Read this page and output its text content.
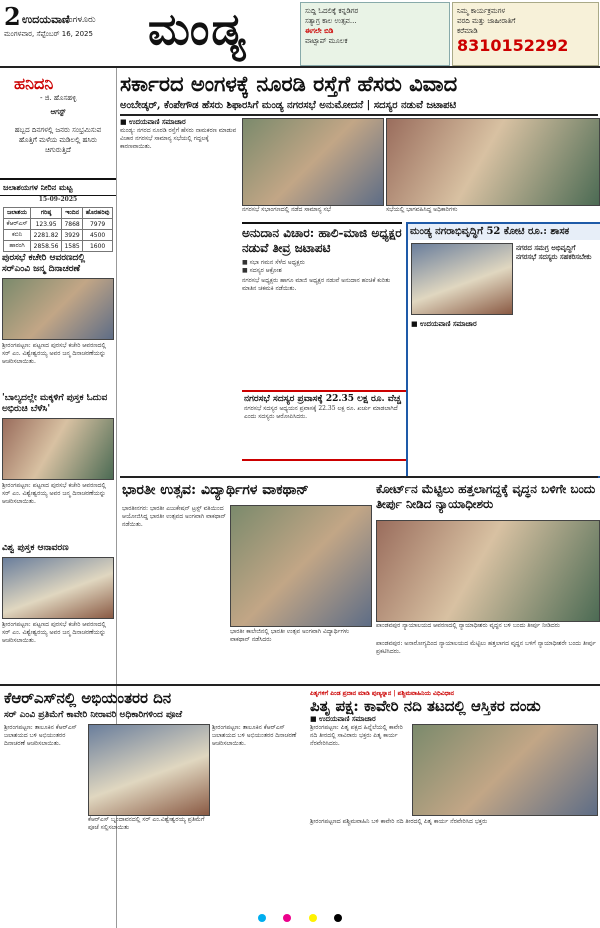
2 ಉದಯವಾಣಿ
ಬೆಂಗಳೂರು
ಮಂಗಳವಾರ, ಸೆಪ್ಟೆಂಬರ್ 16, 2025 ಮಂಡ್ಯ	ಸುದ್ದಿ ಓದಲಿಕ್ಕೆ ಕನ್ನಡಿಗರ
ಸತ್ಯಾಗ್ರ ಕಾಲ ಉತ್ಸವ...
ಈಗಲೇ ಬಿಡಿ
ವಾಟ್ಸಾಪ್ ಮೂಲಕ
ನಿಮ್ಮ ಕಾರ್ಯಕ್ರಮಗಳ
ವರದಿ ಮತ್ತು ಜಾಹೀರಾತಿಗೆ
ಕರೆಮಾಡಿ
8310152292
ಹನಿದನಿ
- ಜಿ. ಹೊಸಹಳ್ಳಿ
ಆಗಸ್ಟ್
ಹಬ್ಬದ ದಿನಗಳಲ್ಲಿ ಜನರು ಸಂಭ್ರಮಿಸುವ ಹೊತ್ತಿಗೆ ಮಳೆಯ ಮಡಿಲಲ್ಲಿ ಹಸಿರು ಚಿಗುರುತ್ತಿದೆ
ಜಲಾಶಯಗಳ ನೀರಿನ ಮಟ್ಟ
15-09-2025
ಜಲಾಶಯ	ಗರಿಷ್ಠ	ಇಂದಿನ	ಹೊರಹರಿವು
ಕೆಆರ್‌ಎಸ್	123.95	7868	7979
ಕಬಿನಿ	2281.82	3929	4500
ಹಾರಂಗಿ	2858.56	1585	1600
ಪುರಸಭೆ ಕಚೇರಿ ಆವರಣದಲ್ಲಿ ಸರ್‌ಎಂವಿ ಜನ್ಮ ದಿನಾಚರಣೆ
ಶ್ರೀರಂಗಪಟ್ಟಣ: ಪಟ್ಟಣದ ಪುರಸಭೆ ಕಚೇರಿ ಆವರಣದಲ್ಲಿ ಸರ್ ಎಂ. ವಿಶ್ವೇಶ್ವರಯ್ಯ ಅವರ ಜನ್ಮ ದಿನಾಚರಣೆಯನ್ನು ಆಚರಿಸಲಾಯಿತು.
'ಬಾಲ್ಯದಲ್ಲೇ ಮಕ್ಕಳಿಗೆ ಪುಸ್ತಕ ಓದುವ ಅಭಿರುಚಿ ಬೆಳೆಸಿ'
ಶ್ರೀರಂಗಪಟ್ಟಣ: ಪಟ್ಟಣದ ಪುರಸಭೆ ಕಚೇರಿ ಆವರಣದಲ್ಲಿ ಸರ್ ಎಂ. ವಿಶ್ವೇಶ್ವರಯ್ಯ ಅವರ ಜನ್ಮ ದಿನಾಚರಣೆಯನ್ನು ಆಚರಿಸಲಾಯಿತು.
ವಿಶ್ವ ಪುಸ್ತಕ ಆನಾವರಣ
ಶ್ರೀರಂಗಪಟ್ಟಣ: ಪಟ್ಟಣದ ಪುರಸಭೆ ಕಚೇರಿ ಆವರಣದಲ್ಲಿ ಸರ್ ಎಂ. ವಿಶ್ವೇಶ್ವರಯ್ಯ ಅವರ ಜನ್ಮ ದಿನಾಚರಣೆಯನ್ನು ಆಚರಿಸಲಾಯಿತು.
ಸರ್ಕಾರದ ಅಂಗಳಕ್ಕೆ ನೂರಡಿ ರಸ್ತೆಗೆ ಹೆಸರು ವಿವಾದ
ಅಂಬೇಡ್ಕರ್, ಕೆಂಪೇಗೌಡ ಹೆಸರು ಶಿಫಾರಸಿಗೆ ಮಂಡ್ಯ ನಗರಸಭೆ ಅನುಮೋದನೆ | ಸದಸ್ಯರ ನಡುವೆ ಜಟಾಪಟಿ
■ ಉದಯವಾಣಿ ಸಮಾಚಾರ
ಮಂಡ್ಯ: ನಗರದ ನೂರಡಿ ರಸ್ತೆಗೆ ಹೆಸರು ನಾಮಕರಣ ಮಾಡುವ ವಿಚಾರ ನಗರಸಭೆ ಸಾಮಾನ್ಯ ಸಭೆಯಲ್ಲಿ ಗದ್ದಲಕ್ಕೆ ಕಾರಣವಾಯಿತು.
ನಗರಸಭೆ ಸಭಾಂಗಣದಲ್ಲಿ ನಡೆದ ಸಾಮಾನ್ಯ ಸಭೆ	ಸಭೆಯಲ್ಲಿ ಭಾಗವಹಿಸಿದ್ದ ಅಧಿಕಾರಿಗಳು
ಅನುದಾನ ವಿಚಾರ: ಹಾಲಿ-ಮಾಜಿ ಅಧ್ಯಕ್ಷರ ನಡುವೆ ತೀವ್ರ ಜಟಾಪಟಿ
■ ಸಭಾ ಗಮನ ಸೆಳೆದ ಅಧ್ಯಕ್ಷರು
■ ಸದಸ್ಯರ ಆಕ್ರೋಶ
ನಗರಸಭೆ ಅಧ್ಯಕ್ಷರು ಹಾಗೂ ಮಾಜಿ ಅಧ್ಯಕ್ಷರ ನಡುವೆ ಅನುದಾನ ಹಂಚಿಕೆ ಕುರಿತು ಮಾತಿನ ಚಕಮಕಿ ನಡೆಯಿತು.
ನಗರಸಭೆ ಸದಸ್ಯರ ಪ್ರವಾಸಕ್ಕೆ 22.35 ಲಕ್ಷ ರೂ. ವೆಚ್ಚ
ನಗರಸಭೆ ಸದಸ್ಯರ ಅಧ್ಯಯನ ಪ್ರವಾಸಕ್ಕೆ 22.35 ಲಕ್ಷ ರೂ. ಖರ್ಚು ಮಾಡಲಾಗಿದೆ ಎಂದು ಸದಸ್ಯರು ಆರೋಪಿಸಿದರು.
ಮಂಡ್ಯ ನಗರಾಭಿವೃದ್ಧಿಗೆ 52 ಕೋಟಿ ರೂ.: ಶಾಸಕ
ನಗರದ ಸಮಗ್ರ ಅಭಿವೃದ್ಧಿಗೆ ನಗರಸಭೆ ಸದಸ್ಯರು ಸಹಕರಿಸಬೇಕು
■ ಉದಯವಾಣಿ ಸಮಾಚಾರ
ಭಾರತೀ ಉತ್ಸವ: ವಿದ್ಯಾರ್ಥಿಗಳ ವಾಕಥಾನ್
ಭಾರತೀನಗರ: ಭಾರತೀ ಎಜುಕೇಷನ್ ಟ್ರಸ್ಟ್ ವತಿಯಿಂದ ಆಯೋಜಿಸಿದ್ದ ಭಾರತೀ ಉತ್ಸವದ ಅಂಗವಾಗಿ ವಾಕಥಾನ್ ನಡೆಯಿತು.
ಭಾರತೀ ಕಾಲೇಜಿನಲ್ಲಿ ಭಾರತೀ ಉತ್ಸವ ಅಂಗವಾಗಿ ವಿದ್ಯಾರ್ಥಿಗಳು ವಾಕಥಾನ್ ನಡೆಸಿದರು
ಕೋರ್ಟ್‌ನ ಮೆಟ್ಟಿಲು ಹತ್ತಲಾಗದ್ದಕ್ಕೆ ವೃದ್ಧನ ಬಳಿಗೇ ಬಂದು ತೀರ್ಪು ನೀಡಿದ ನ್ಯಾಯಾಧೀಶರು
ಪಾಂಡವಪುರ ನ್ಯಾಯಾಲಯದ ಆವರಣದಲ್ಲಿ ನ್ಯಾಯಾಧೀಶರು ವೃದ್ಧನ ಬಳಿ ಬಂದು ತೀರ್ಪು ನೀಡಿದರು
ಪಾಂಡವಪುರ: ಅನಾರೋಗ್ಯದಿಂದ ನ್ಯಾಯಾಲಯದ ಮೆಟ್ಟಿಲು ಹತ್ತಲಾಗದ ವೃದ್ಧನ ಬಳಿಗೆ ನ್ಯಾಯಾಧೀಶರೇ ಬಂದು ತೀರ್ಪು ಪ್ರಕಟಿಸಿದರು.
ಕೆಆರ್‌ಎಸ್‌ನಲ್ಲಿ ಅಭಿಯಂತರರ ದಿನ
ಸರ್ ಎಂವಿ ಪ್ರತಿಮೆಗೆ ಕಾವೇರಿ ನೀರಾವರಿ ಅಧಿಕಾರಿಗಳಿಂದ ಪೂಜೆ
ಶ್ರೀರಂಗಪಟ್ಟಣ: ತಾಲೂಕಿನ ಕೆಆರ್‌ಎಸ್ ಜಲಾಶಯದ ಬಳಿ ಅಭಿಯಂತರರ ದಿನಾಚರಣೆ ಆಚರಿಸಲಾಯಿತು.
ಕೆಆರ್‌ಎಸ್ ಬೃಂದಾವನದಲ್ಲಿ ಸರ್ ಎಂ.ವಿಶ್ವೇಶ್ವರಯ್ಯ ಪ್ರತಿಮೆಗೆ ಪೂಜೆ ಸಲ್ಲಿಸಲಾಯಿತು
ಶ್ರೀರಂಗಪಟ್ಟಣ: ತಾಲೂಕಿನ ಕೆಆರ್‌ಎಸ್ ಜಲಾಶಯದ ಬಳಿ ಅಭಿಯಂತರರ ದಿನಾಚರಣೆ ಆಚರಿಸಲಾಯಿತು.
ಪಿತೃಗಳಿಗೆ ಪಿಂಡ ಪ್ರದಾನ ಮಾಡಿ ಪುಣ್ಯಸ್ನಾನ | ಪಶ್ಚಿಮವಾಹಿನಿಯ ವಿಧಿವಿಧಾನ
ಪಿತೃ ಪಕ್ಷ: ಕಾವೇರಿ ನದಿ ತಟದಲ್ಲಿ ಆಸ್ತಿಕರ ದಂಡು
■ ಉದಯವಾಣಿ ಸಮಾಚಾರ
ಶ್ರೀರಂಗಪಟ್ಟಣ: ಪಿತೃ ಪಕ್ಷದ ಹಿನ್ನೆಲೆಯಲ್ಲಿ ಕಾವೇರಿ ನದಿ ತೀರದಲ್ಲಿ ಸಾವಿರಾರು ಭಕ್ತರು ಪಿತೃ ಕಾರ್ಯ ನೆರವೇರಿಸಿದರು.
ಶ್ರೀರಂಗಪಟ್ಟಣದ ಪಶ್ಚಿಮವಾಹಿನಿ ಬಳಿ ಕಾವೇರಿ ನದಿ ತೀರದಲ್ಲಿ ಪಿತೃ ಕಾರ್ಯ ನೆರವೇರಿಸಿದ ಭಕ್ತರು
